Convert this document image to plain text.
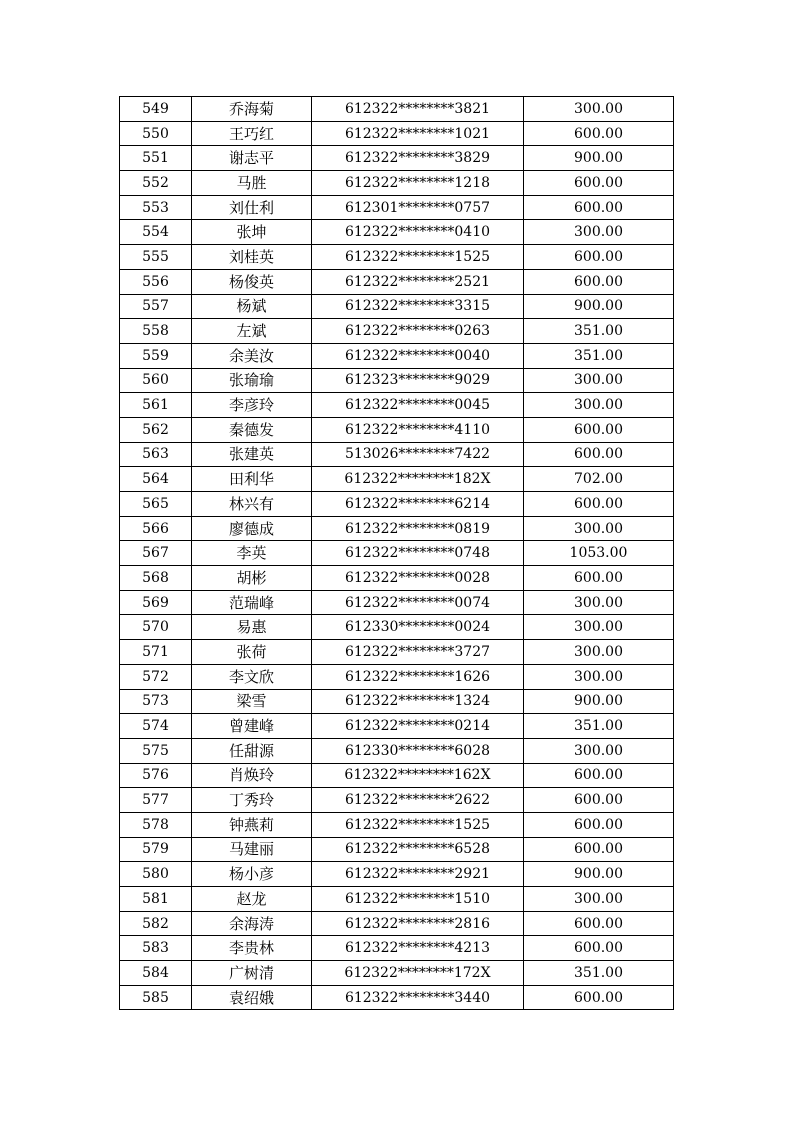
549	乔海菊	612322********3821	300.00
550	王巧红	612322********1021	600.00
551	谢志平	612322********3829	900.00
552	马胜	612322********1218	600.00
553	刘仕利	612301********0757	600.00
554	张坤	612322********0410	300.00
555	刘桂英	612322********1525	600.00
556	杨俊英	612322********2521	600.00
557	杨斌	612322********3315	900.00
558	左斌	612322********0263	351.00
559	余美汝	612322********0040	351.00
560	张瑜瑜	612323********9029	300.00
561	李彦玲	612322********0045	300.00
562	秦德发	612322********4110	600.00
563	张建英	513026********7422	600.00
564	田利华	612322********182X	702.00
565	林兴有	612322********6214	600.00
566	廖德成	612322********0819	300.00
567	李英	612322********0748	1053.00
568	胡彬	612322********0028	600.00
569	范瑞峰	612322********0074	300.00
570	易惠	612330********0024	300.00
571	张荷	612322********3727	300.00
572	李文欣	612322********1626	300.00
573	梁雪	612322********1324	900.00
574	曾建峰	612322********0214	351.00
575	任甜源	612330********6028	300.00
576	肖焕玲	612322********162X	600.00
577	丁秀玲	612322********2622	600.00
578	钟燕莉	612322********1525	600.00
579	马建丽	612322********6528	600.00
580	杨小彦	612322********2921	900.00
581	赵龙	612322********1510	300.00
582	余海涛	612322********2816	600.00
583	李贵林	612322********4213	600.00
584	广树清	612322********172X	351.00
585	袁绍娥	612322********3440	600.00
